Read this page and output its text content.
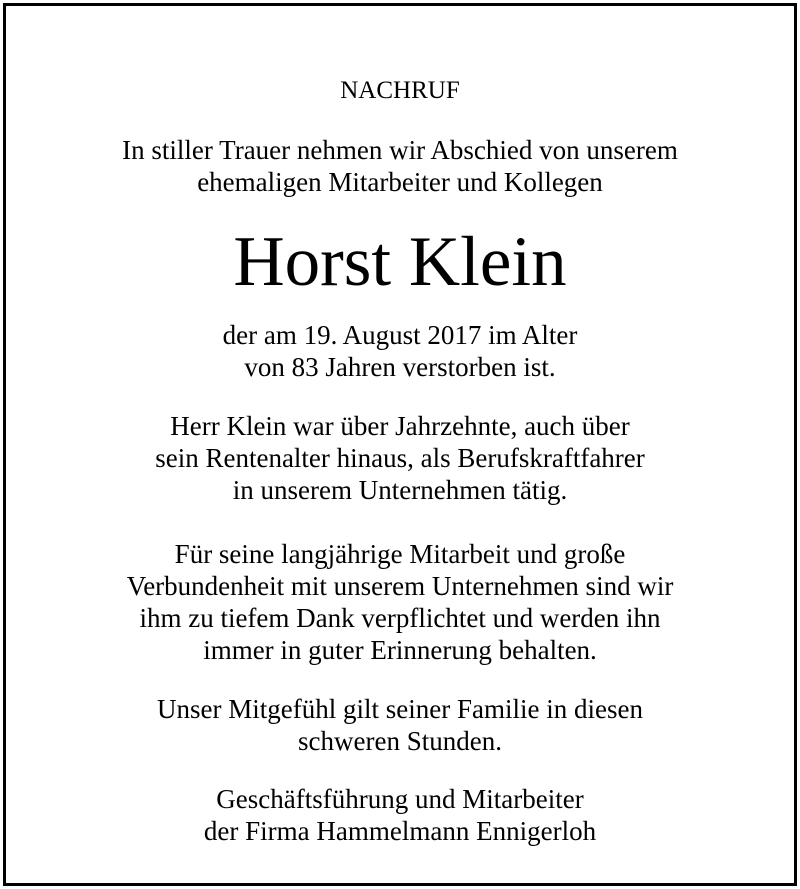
NACHRUF

In stiller Trauer nehmen wir Abschied von unserem

ehemaligen Mitarbeiter und Kollegen

Horst Klein

der am 19. August 2017 im Alter

von 83 Jahren verstorben ist.

Herr Klein war über Jahrzehnte, auch über

sein Rentenalter hinaus, als Berufskraftfahrer

in unserem Unternehmen tätig.

Für seine langjährige Mitarbeit und große

Verbundenheit mit unserem Unternehmen sind wir

ihm zu tiefem Dank verpflichtet und werden ihn

immer in guter Erinnerung behalten.

Unser Mitgefühl gilt seiner Familie in diesen

schweren Stunden.

Geschäftsführung und Mitarbeiter

der Firma Hammelmann Ennigerloh
